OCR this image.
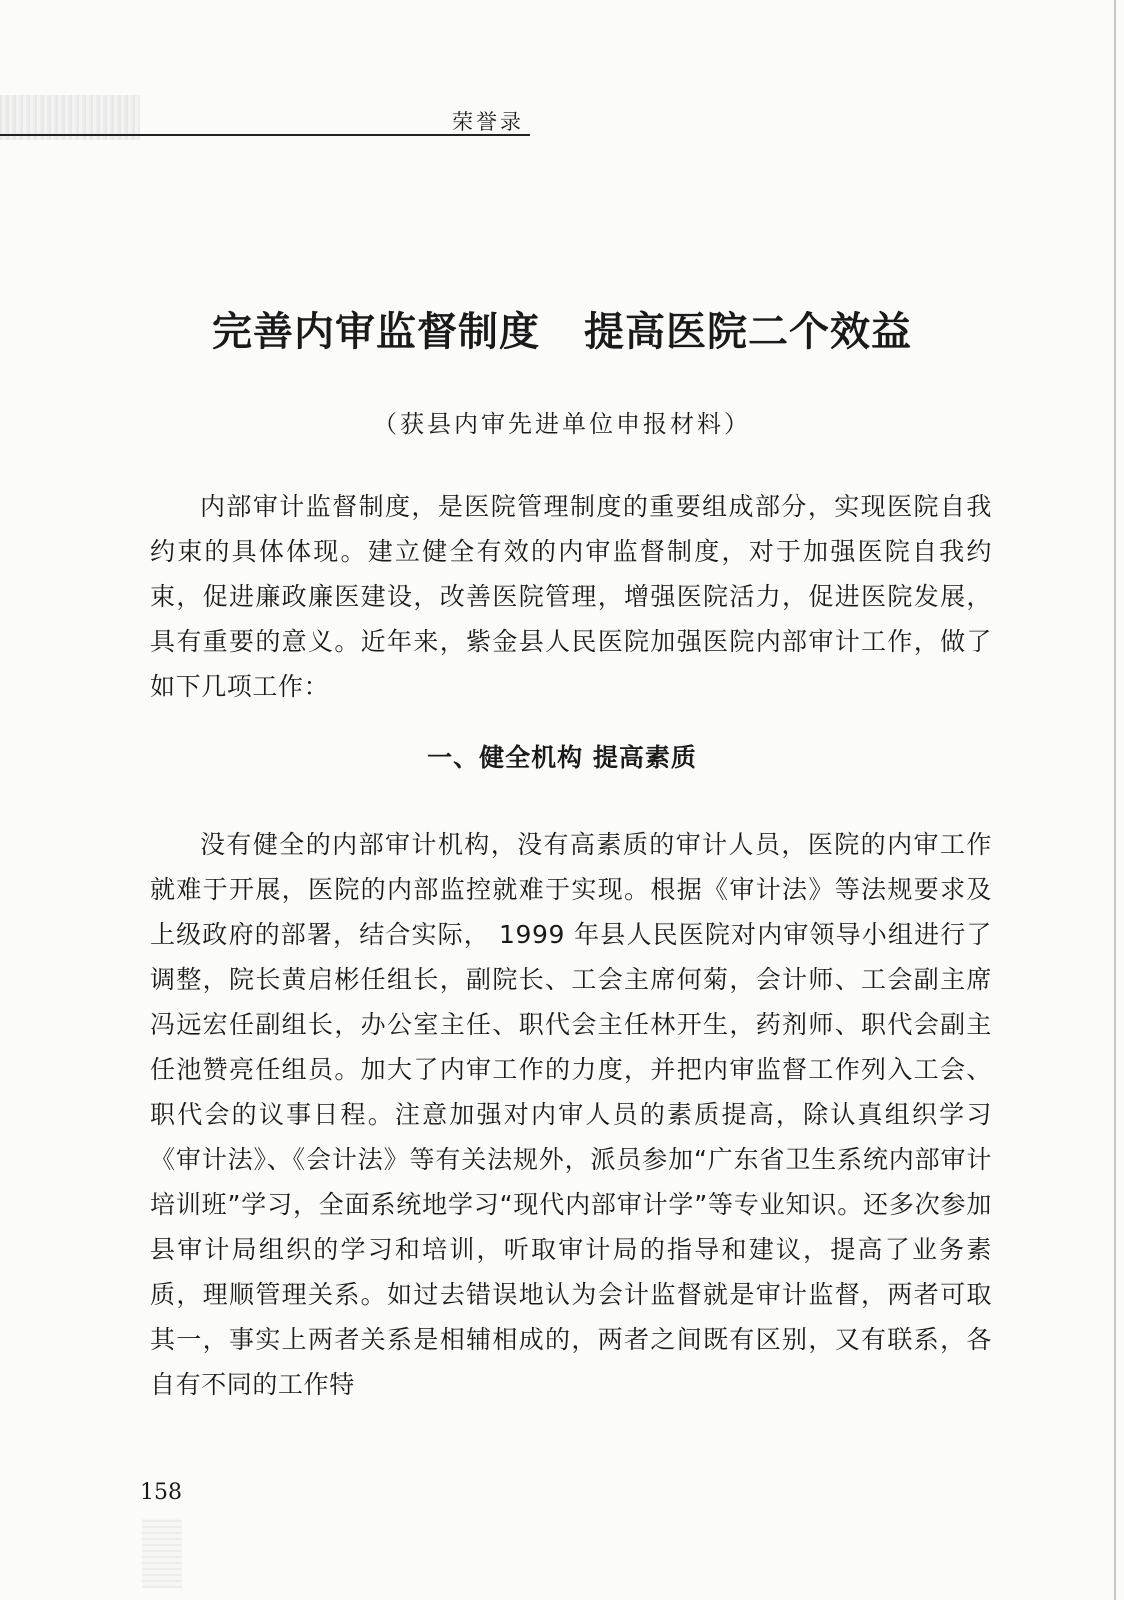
荣誉录
完善内审监督制度 提高医院二个效益
（获县内审先进单位申报材料）

内部审计监督制度，是医院管理制度的重要组成部分，实现医院自我约束的具体体现。建立健全有效的内审监督制度，对于加强医院自我约束，促进廉政廉医建设，改善医院管理，增强医院活力，促进医院发展，具有重要的意义。近年来，紫金县人民医院加强医院内部审计工作，做了如下几项工作：

一、健全机构 提高素质

没有健全的内部审计机构，没有高素质的审计人员，医院的内审工作就难于开展，医院的内部监控就难于实现。根据《审计法》等法规要求及上级政府的部署，结合实际， 1999 年县人民医院对内审领导小组进行了调整，院长黄启彬任组长，副院长、工会主席何菊，会计师、工会副主席冯远宏任副组长，办公室主任、职代会主任林开生，药剂师、职代会副主任池赞亮任组员。加大了内审工作的力度，并把内审监督工作列入工会、职代会的议事日程。注意加强对内审人员的素质提高，除认真组织学习《审计法》、《会计法》等有关法规外，派员参加“广东省卫生系统内部审计培训班”学习，全面系统地学习“现代内部审计学”等专业知识。还多次参加县审计局组织的学习和培训，听取审计局的指导和建议，提高了业务素质，理顺管理关系。如过去错误地认为会计监督就是审计监督，两者可取其一，事实上两者关系是相辅相成的，两者之间既有区别，又有联系，各自有不同的工作特

158
